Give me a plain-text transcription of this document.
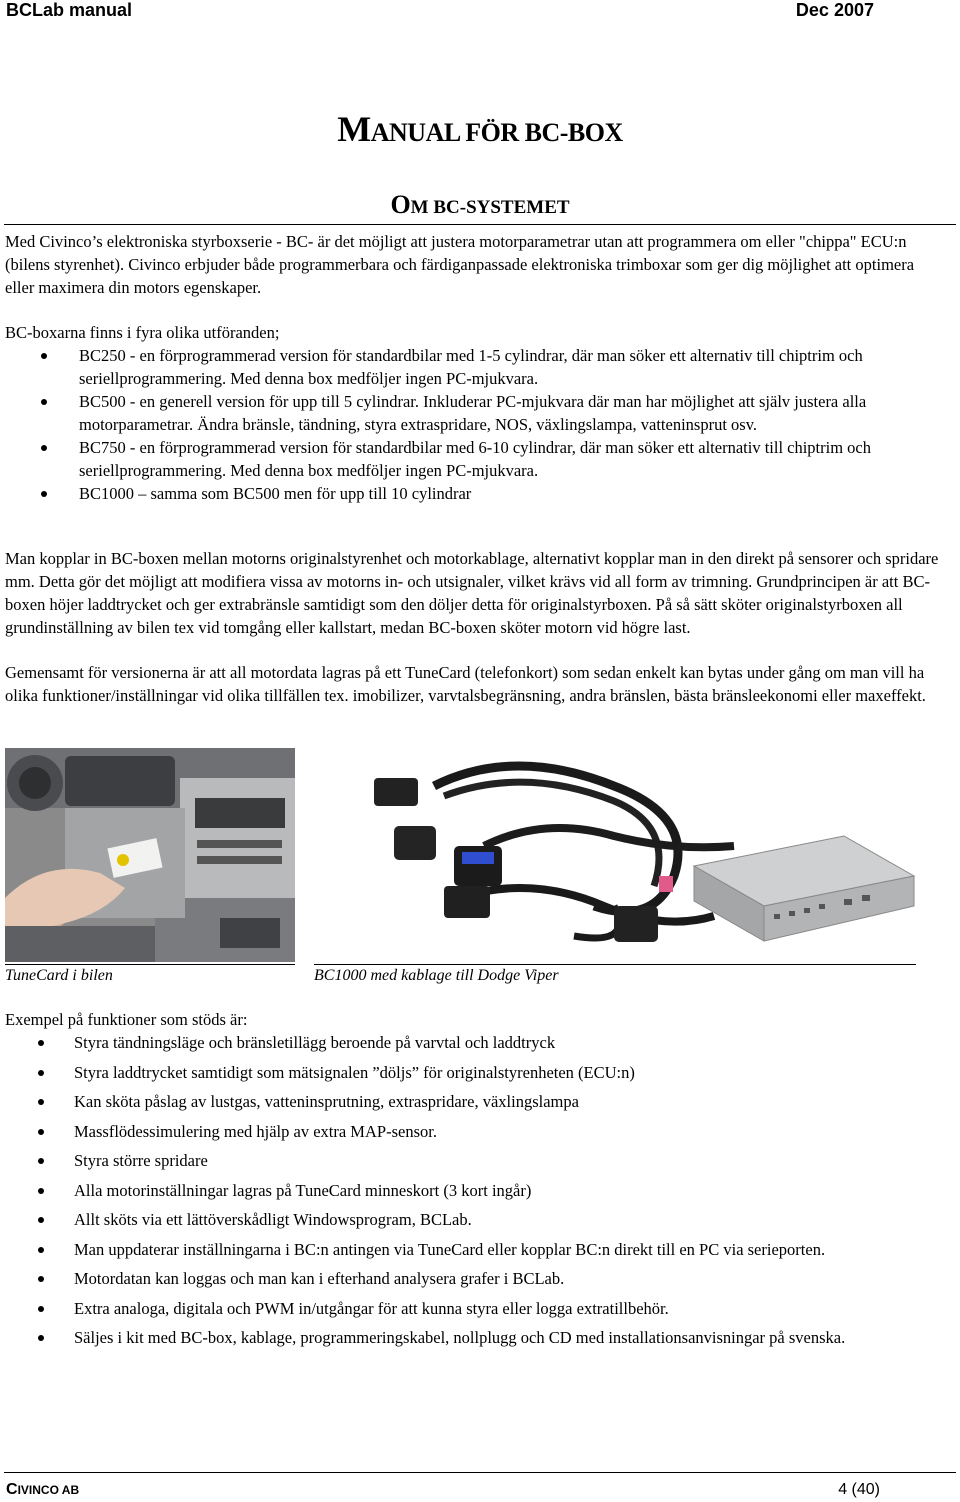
BCLab manual	Dec 2007
MANUAL FÖR BC-BOX
OM BC-SYSTEMET
Med Civinco’s elektroniska styrboxserie - BC- är det möjligt att justera motorparametrar utan att programmera om eller "chippa" ECU:n (bilens styrenhet). Civinco erbjuder både programmerbara och färdiganpassade elektroniska trimboxar som ger dig möjlighet att optimera eller maximera din motors egenskaper.
BC-boxarna finns i fyra olika utföranden;
BC250 - en förprogrammerad version för standardbilar med 1-5 cylindrar, där man söker ett alternativ till chiptrim och seriellprogrammering. Med denna box medföljer ingen PC-mjukvara.
BC500 - en generell version för upp till 5 cylindrar. Inkluderar PC-mjukvara där man har möjlighet att själv justera alla motorparametrar. Ändra bränsle, tändning, styra extraspridare, NOS, växlingslampa, vatteninsprut osv.
BC750 - en förprogrammerad version för standardbilar med 6-10 cylindrar, där man söker ett alternativ till chiptrim och seriellprogrammering. Med denna box medföljer ingen PC-mjukvara.
BC1000 – samma som BC500 men för upp till 10 cylindrar
Man kopplar in BC-boxen mellan motorns originalstyrenhet och motorkablage, alternativt kopplar man in den direkt på sensorer och spridare mm. Detta gör det möjligt att modifiera vissa av motorns in- och utsignaler, vilket krävs vid all form av trimning. Grundprincipen är att BC-boxen höjer laddtrycket och ger extrabränsle samtidigt som den döljer detta för originalstyrboxen. På så sätt sköter originalstyrboxen all grundinställning av bilen tex vid tomgång eller kallstart, medan BC-boxen sköter motorn vid högre last.
Gemensamt för versionerna är att all motordata lagras på ett TuneCard (telefonkort) som sedan enkelt kan bytas under gång om man vill ha olika funktioner/inställningar vid olika tillfällen tex. imobilizer, varvtalsbegränsning, andra bränslen, bästa bränsleekonomi eller maxeffekt.
TuneCard i bilen	BC1000 med kablage till Dodge Viper
Exempel på funktioner som stöds är:
Styra tändningsläge och bränsletillägg beroende på varvtal och laddtryck
Styra laddtrycket samtidigt som mätsignalen ”döljs” för originalstyrenheten (ECU:n)
Kan sköta påslag av lustgas, vatteninsprutning, extraspridare, växlingslampa
Massflödessimulering med hjälp av extra MAP-sensor.
Styra större spridare
Alla motorinställningar lagras på TuneCard minneskort (3 kort ingår)
Allt sköts via ett lättöverskådligt Windowsprogram, BCLab.
Man uppdaterar inställningarna i BC:n antingen via TuneCard eller kopplar BC:n direkt till en PC via serieporten.
Motordatan kan loggas och man kan i efterhand analysera grafer i BCLab.
Extra analoga, digitala och PWM in/utgångar för att kunna styra eller logga extratillbehör.
Säljes i kit med BC-box, kablage, programmeringskabel, nollplugg och CD med installationsanvisningar på svenska.
CIVINCO AB	4 (40)
